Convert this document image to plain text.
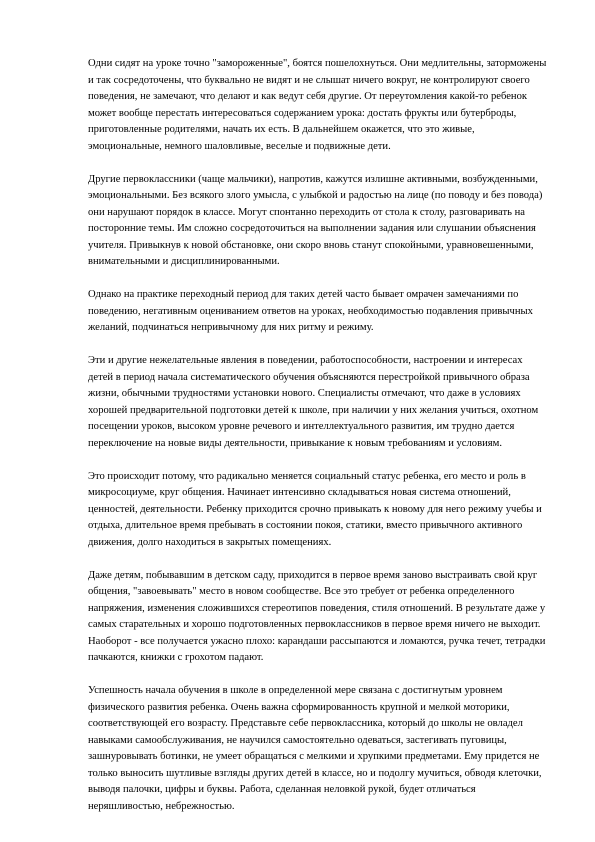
Одни сидят на уроке точно "замороженные", боятся пошелохнуться. Они медлительны, заторможены и так сосредоточены, что буквально не видят и не слышат ничего вокруг, не контролируют своего поведения, не замечают, что делают и как ведут себя другие. От переутомления какой-то ребенок может вообще перестать интересоваться содержанием урока: достать фрукты или бутерброды, приготовленные родителями, начать их есть. В дальнейшем окажется, что это живые, эмоциональные, немного шаловливые, веселые и подвижные дети.

Другие первоклассники (чаще мальчики), напротив, кажутся излишне активными, возбужденными, эмоциональными. Без всякого злого умысла, с улыбкой и радостью на лице (по поводу и без повода) они нарушают порядок в классе. Могут спонтанно переходить от стола к столу, разговаривать на посторонние темы. Им сложно сосредоточиться на выполнении задания или слушании объяснения учителя. Привыкнув к новой обстановке, они скоро вновь станут спокойными, уравновешенными, внимательными и дисциплинированными.

Однако на практике переходный период для таких детей часто бывает омрачен замечаниями по поведению, негативным оцениванием ответов на уроках, необходимостью подавления привычных желаний, подчинаться непривычному для них ритму и режиму.

Эти и другие нежелательные явления в поведении, работоспособности, настроении и интересах детей в период начала систематического обучения объясняются перестройкой привычного образа жизни, обычными трудностями установки нового. Специалисты отмечают, что даже в условиях хорошей предварительной подготовки детей к школе, при наличии у них желания учиться, охотном посещении уроков, высоком уровне речевого и интеллектуального развития, им трудно дается переключение на новые виды деятельности, привыкание к новым требованиям и условиям.

Это происходит потому, что радикально меняется социальный статус ребенка, его место и роль в микросоциуме, круг общения. Начинает интенсивно складываться новая система отношений, ценностей, деятельности. Ребенку приходится срочно привыкать к новому для него режиму учебы и отдыха, длительное время пребывать в состоянии покоя, статики, вместо привычного активного движения, долго находиться в закрытых помещениях.

Даже детям, побывавшим в детском саду, приходится в первое время заново выстраивать свой круг общения, "завоевывать" место в новом сообществе. Все это требует от ребенка определенного напряжения, изменения сложившихся стереотипов поведения, стиля отношений. В результате даже у самых старательных и хорошо подготовленных первоклассников в первое время ничего не выходит. Наоборот - все получается ужасно плохо: карандаши рассыпаются и ломаются, ручка течет, тетрадки пачкаются, книжки с грохотом падают.

Успешность начала обучения в школе в определенной мере связана с достигнутым уровнем физического развития ребенка. Очень важна сформированность крупной и мелкой моторики, соответствующей его возрасту. Представьте себе первоклассника, который до школы не овладел навыками самообслуживания, не научился самостоятельно одеваться, застегивать пуговицы, зашнуровывать ботинки, не умеет обращаться с мелкими и хрупкими предметами. Ему придется не только выносить шутливые взгляды других детей в классе, но и подолгу мучиться, обводя клеточки, выводя палочки, цифры и буквы. Работа, сделанная неловкой рукой, будет отличаться неряшливостью, небрежностью.
